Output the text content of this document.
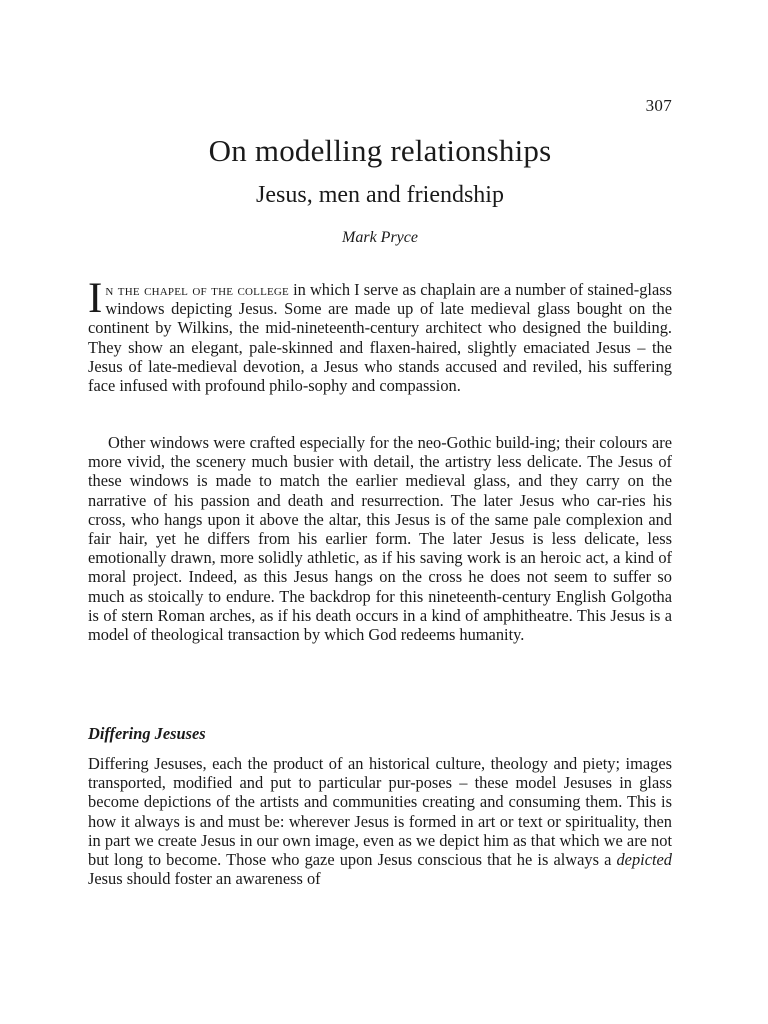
307
On modelling relationships
Jesus, men and friendship
Mark Pryce

In the chapel of the college in which I serve as chaplain are a number of stained-glass windows depicting Jesus. Some are made up of late medieval glass bought on the continent by Wilkins, the mid-nineteenth-century architect who designed the building. They show an elegant, pale-skinned and flaxen-haired, slightly emaciated Jesus – the Jesus of late-medieval devotion, a Jesus who stands accused and reviled, his suffering face infused with profound philo-sophy and compassion.

Other windows were crafted especially for the neo-Gothic build-ing; their colours are more vivid, the scenery much busier with detail, the artistry less delicate. The Jesus of these windows is made to match the earlier medieval glass, and they carry on the narrative of his passion and death and resurrection. The later Jesus who car-ries his cross, who hangs upon it above the altar, this Jesus is of the same pale complexion and fair hair, yet he differs from his earlier form. The later Jesus is less delicate, less emotionally drawn, more solidly athletic, as if his saving work is an heroic act, a kind of moral project. Indeed, as this Jesus hangs on the cross he does not seem to suffer so much as stoically to endure. The backdrop for this nineteenth-century English Golgotha is of stern Roman arches, as if his death occurs in a kind of amphitheatre. This Jesus is a model of theological transaction by which God redeems humanity.

Differing Jesuses

Differing Jesuses, each the product of an historical culture, theology and piety; images transported, modified and put to particular pur-poses – these model Jesuses in glass become depictions of the artists and communities creating and consuming them. This is how it always is and must be: wherever Jesus is formed in art or text or spirituality, then in part we create Jesus in our own image, even as we depict him as that which we are not but long to become. Those who gaze upon Jesus conscious that he is always a depicted Jesus should foster an awareness of
